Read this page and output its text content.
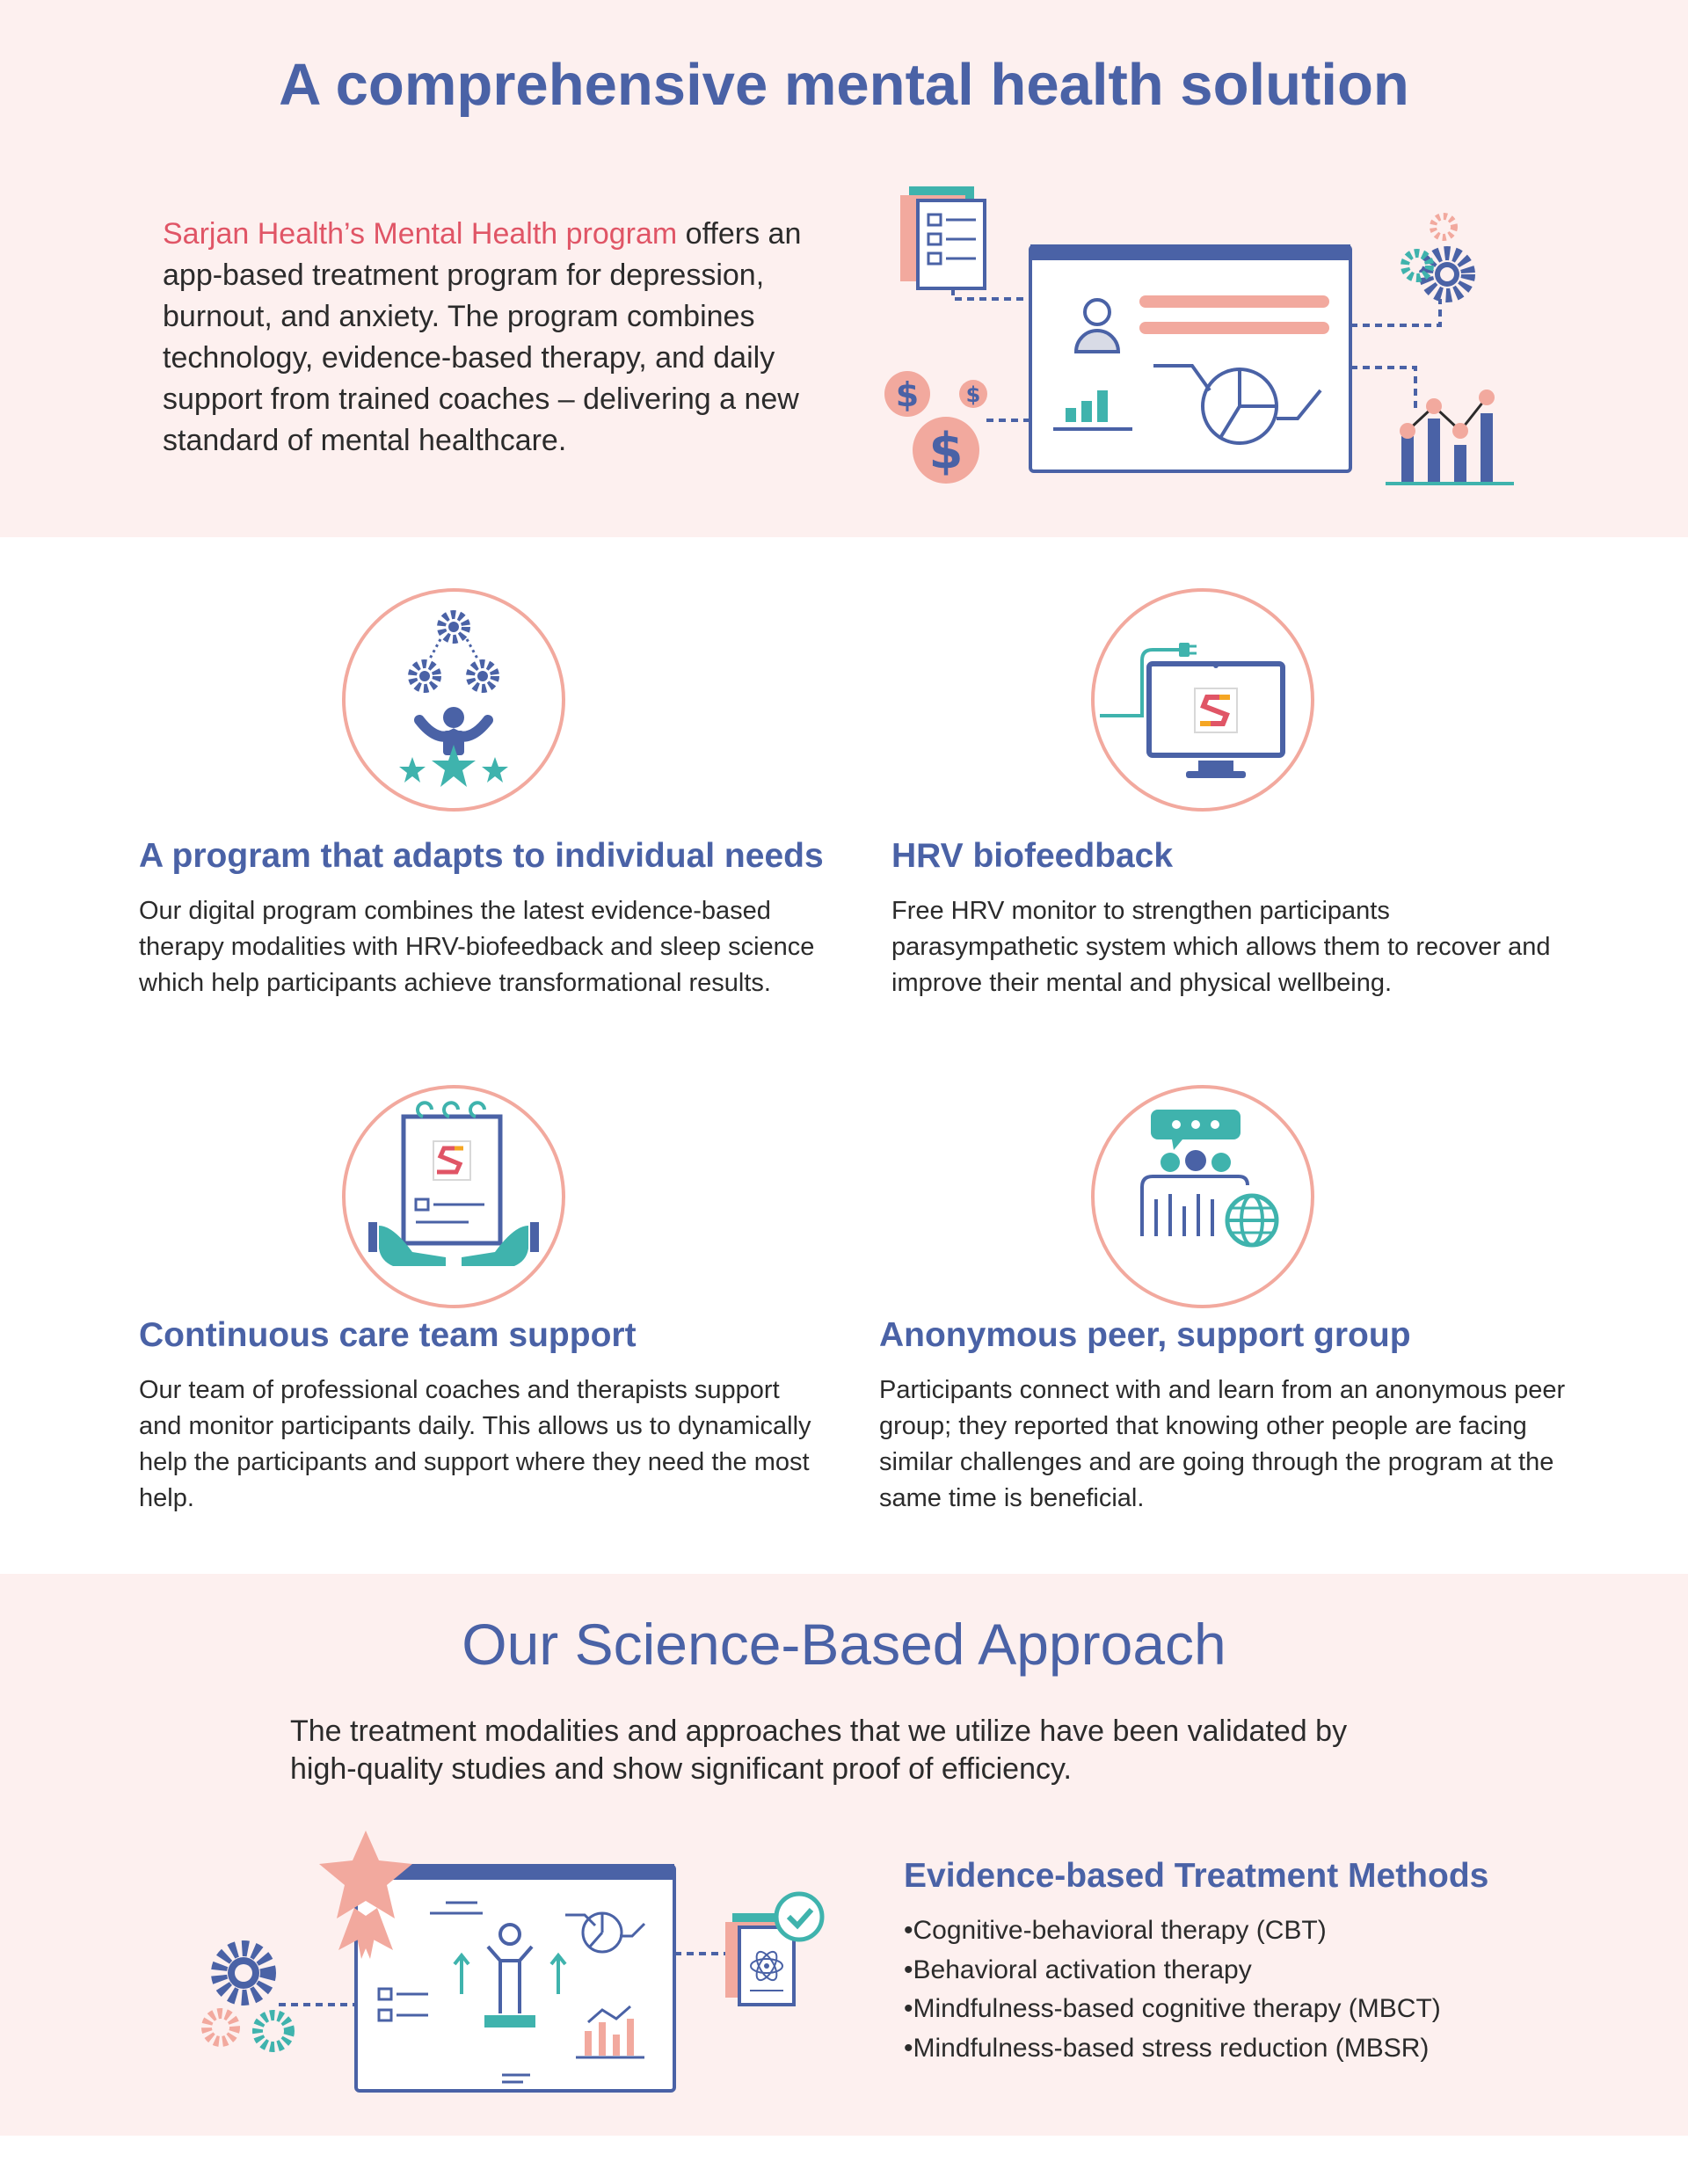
A comprehensive mental health solution

Sarjan Health’s Mental Health program offers an app-based treatment program for depression, burnout, and anxiety. The program combines technology, evidence-based therapy, and daily support from trained coaches – delivering a new standard of mental healthcare.

$ $
$
A program that adapts to individual needs

Our digital program combines the latest evidence-based therapy modalities with HRV-biofeedback and sleep science which help participants achieve transformational results.

HRV biofeedback

Free HRV monitor to strengthen participants parasympathetic system which allows them to recover and improve their mental and physical wellbeing.

Continuous care team support

Our team of professional coaches and therapists support and monitor participants daily. This allows us to dynamically help the participants and support where they need the most help.

Anonymous peer, support group

Participants connect with and learn from an anonymous peer group; they reported that knowing other people are facing similar challenges and are going through the program at the same time is beneficial.

Our Science-Based Approach

The treatment modalities and approaches that we utilize have been validated by high-quality studies and show significant proof of efficiency.

Evidence-based Treatment Methods
• Cognitive-behavioral therapy (CBT)
• Behavioral activation therapy
• Mindfulness-based cognitive therapy (MBCT)
• Mindfulness-based stress reduction (MBSR)
